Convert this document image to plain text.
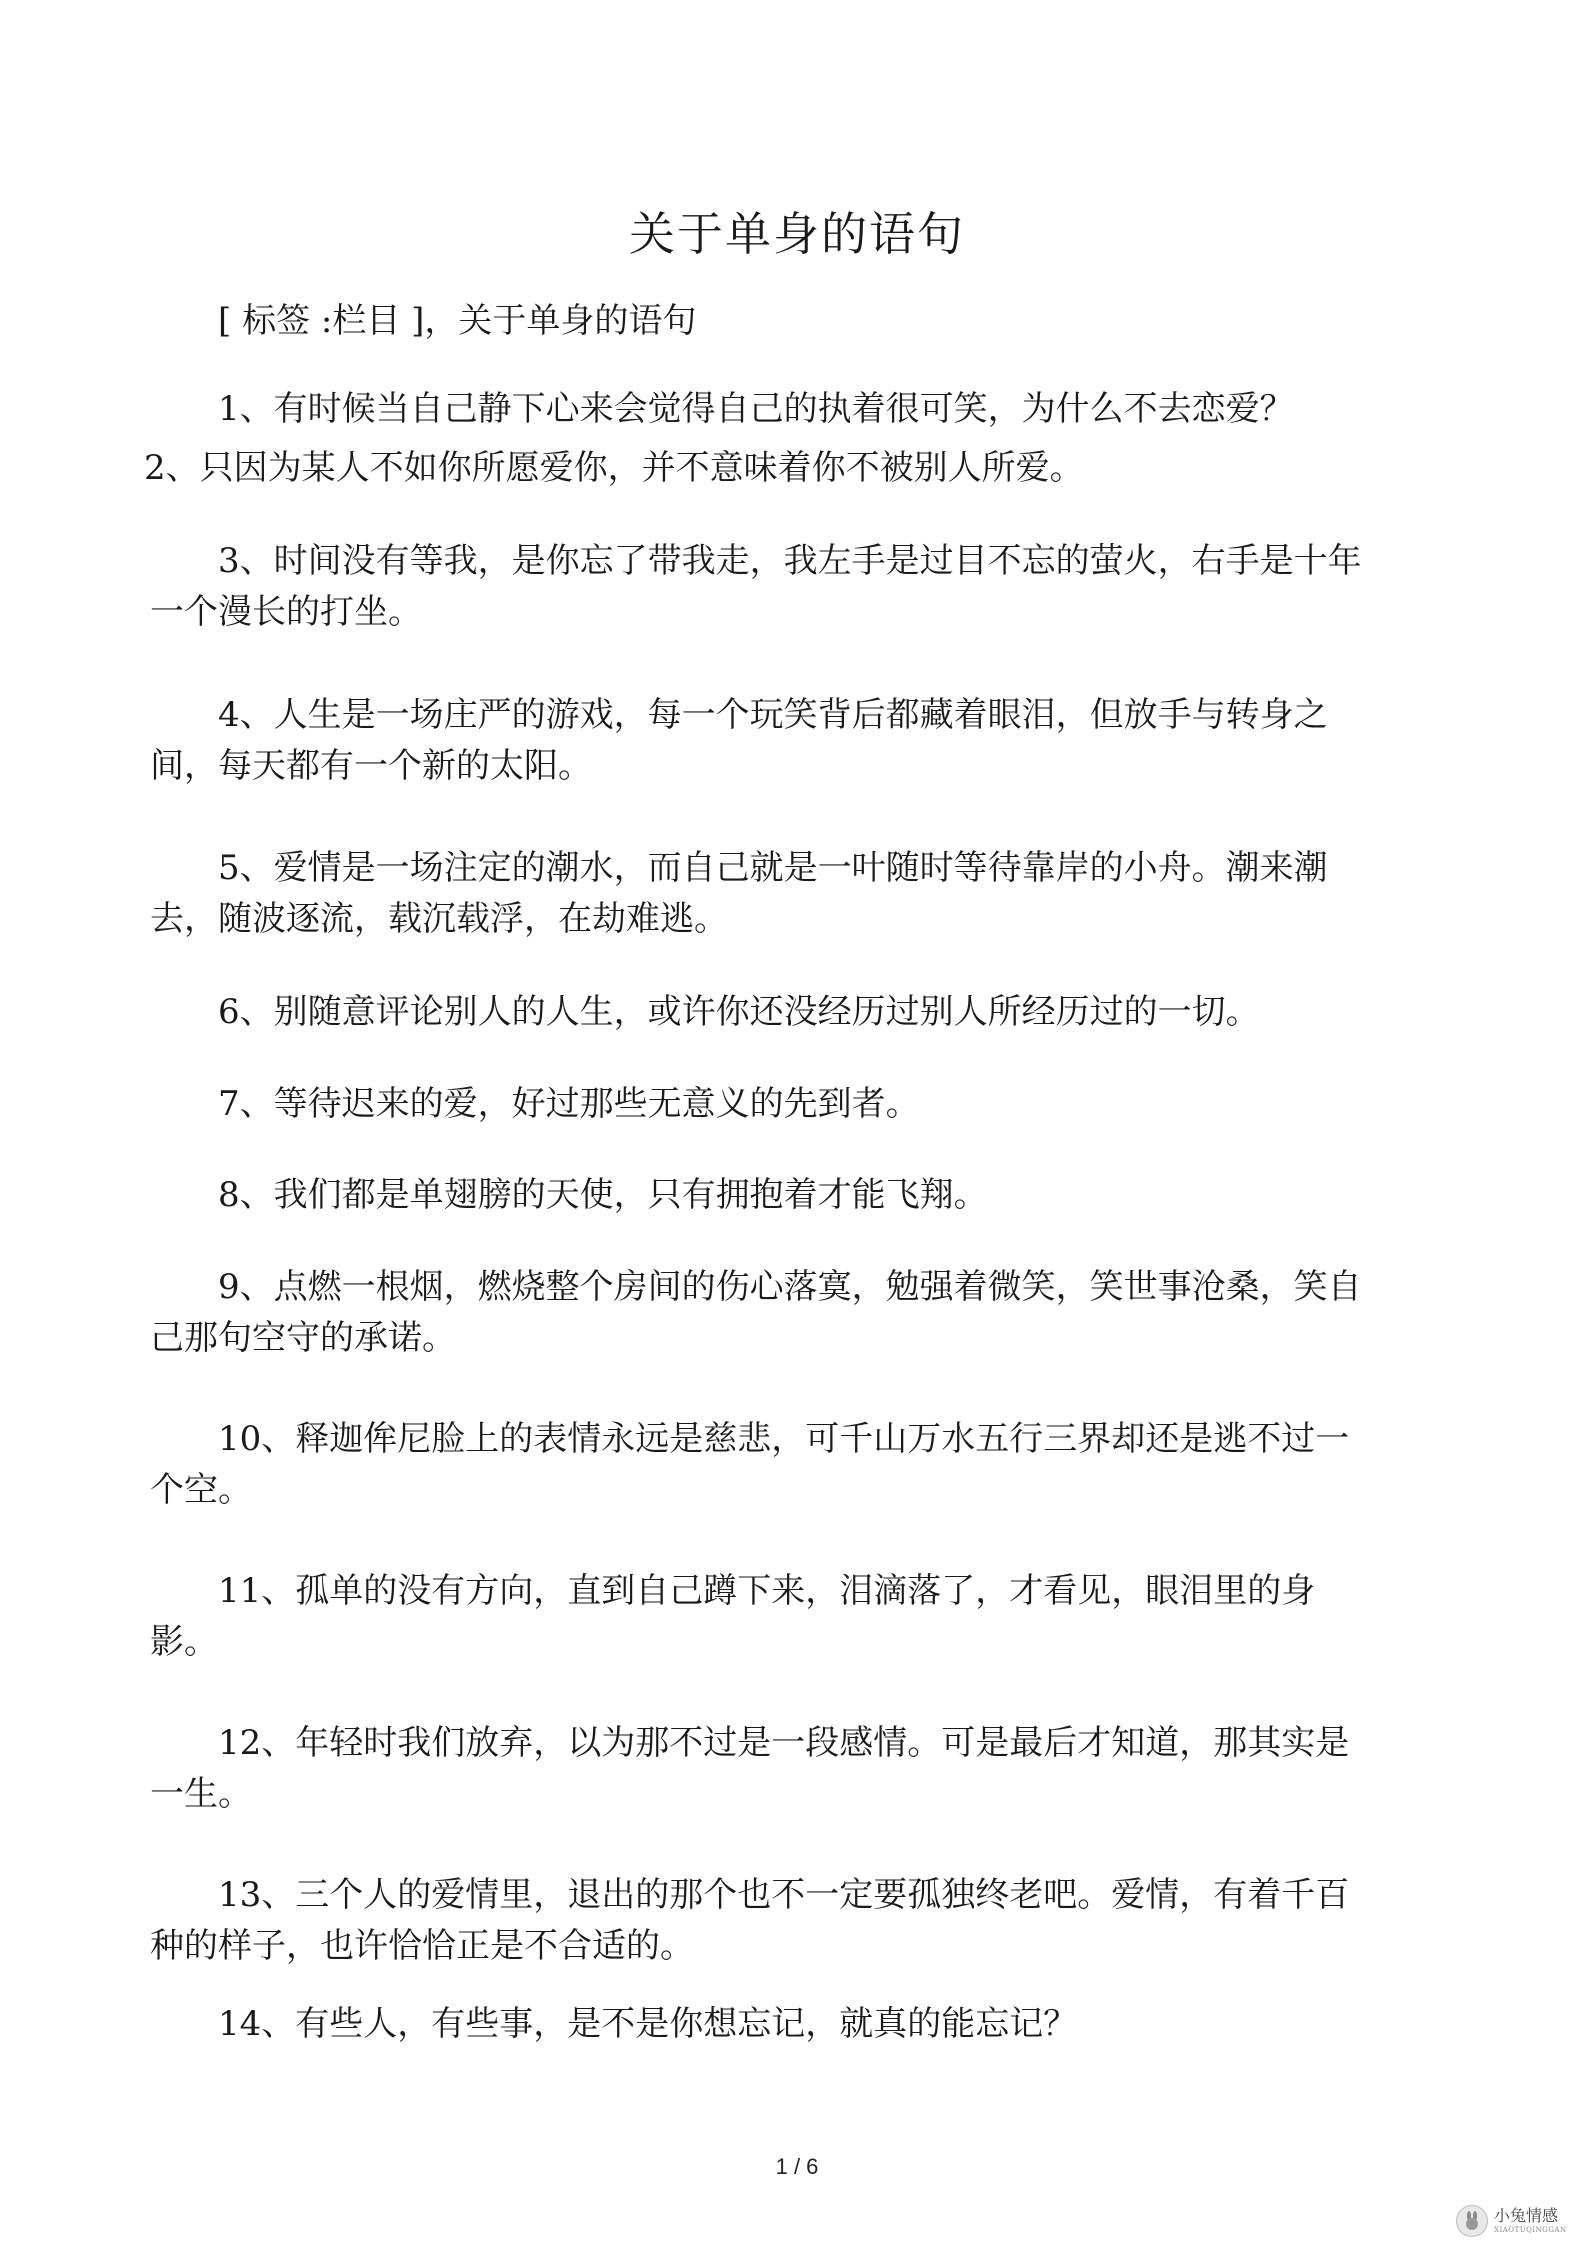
关于单身的语句

[ 标签 :栏目 ]，关于单身的语句

1、有时候当自己静下心来会觉得自己的执着很可笑，为什么不去恋爱？

2、只因为某人不如你所愿爱你，并不意味着你不被别人所爱。

3、时间没有等我，是你忘了带我走，我左手是过目不忘的萤火，右手是十年一个漫长的打坐。

4、人生是一场庄严的游戏，每一个玩笑背后都藏着眼泪，但放手与转身之间，每天都有一个新的太阳。

5、爱情是一场注定的潮水，而自己就是一叶随时等待靠岸的小舟。潮来潮去，随波逐流，载沉载浮，在劫难逃。

6、别随意评论别人的人生，或许你还没经历过别人所经历过的一切。

7、等待迟来的爱，好过那些无意义的先到者。

8、我们都是单翅膀的天使，只有拥抱着才能飞翔。

9、点燃一根烟，燃烧整个房间的伤心落寞，勉强着微笑，笑世事沧桑，笑自己那句空守的承诺。

10、释迦侔尼脸上的表情永远是慈悲，可千山万水五行三界却还是逃不过一个空。

11、孤单的没有方向，直到自己蹲下来，泪滴落了，才看见，眼泪里的身影。

12、年轻时我们放弃，以为那不过是一段感情。可是最后才知道，那其实是一生。

13、三个人的爱情里，退出的那个也不一定要孤独终老吧。爱情，有着千百种的样子，也许恰恰正是不合适的。

14、有些人，有些事，是不是你想忘记，就真的能忘记？

1 / 6
小兔情感
XIAOTUQINGGAN
